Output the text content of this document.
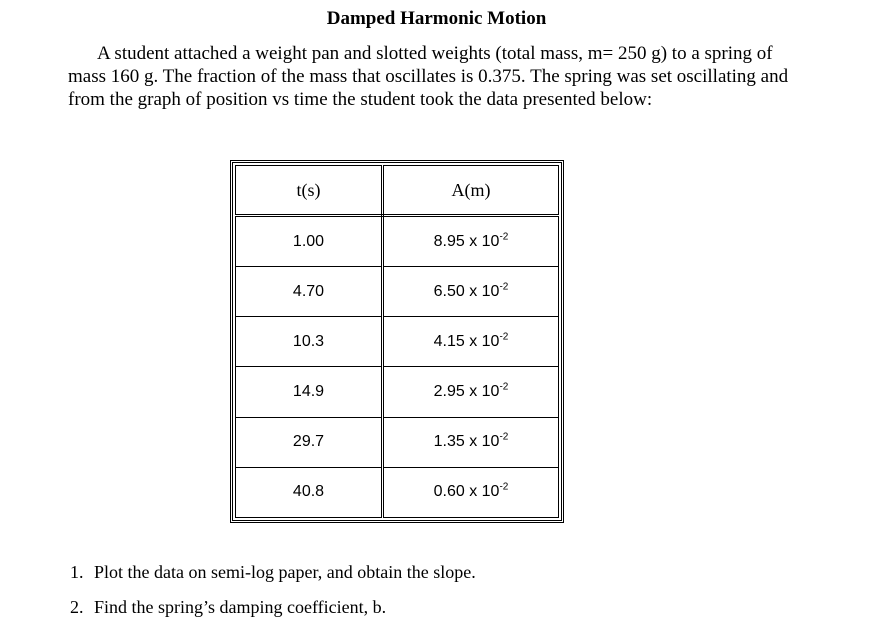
Damped Harmonic Motion
A student attached a weight pan and slotted weights (total mass, m= 250 g) to a spring of
mass 160 g. The fraction of the mass that oscillates is 0.375. The spring was set oscillating and
from the graph of position vs time the student took the data presented below:
t(s)	A(m)
1.00	8.95 x $10^{-2}$
4.70	6.50 x $10^{-2}$
10.3	4.15 x $10^{-2}$
14.9	2.95 x $10^{-2}$
29.7	1.35 x $10^{-2}$
40.8	0.60 x $10^{-2}$
1. Plot the data on semi-log paper, and obtain the slope.
2. Find the spring’s damping coefficient, b.
